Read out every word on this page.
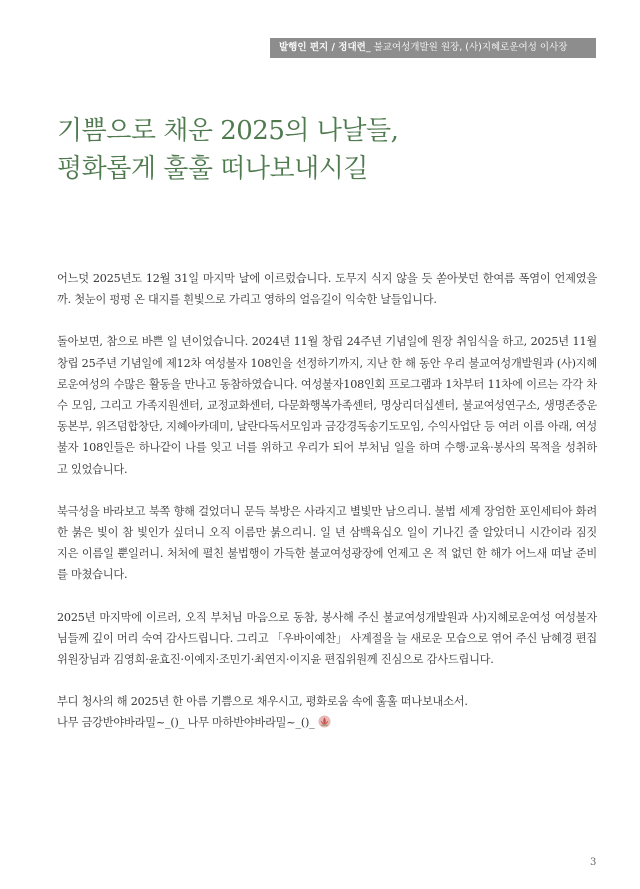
발행인 편지 / 정대련_ 불교여성개발원 원장, (사)지혜로운여성 이사장
기쁨으로 채운 2025의 나날들,
평화롭게 훌훌 떠나보내시길

어느덧 2025년도 12월 31일 마지막 날에 이르렀습니다. 도무지 식지 않을 듯 쏟아붓던 한여름 폭염이 언제였을까. 첫눈이 펑펑 온 대지를 흰빛으로 가리고 영하의 얼음길이 익숙한 날들입니다.

돌아보면, 참으로 바쁜 일 년이었습니다. 2024년 11월 창립 24주년 기념일에 원장 취임식을 하고, 2025년 11월 창립 25주년 기념일에 제12차 여성불자 108인을 선정하기까지, 지난 한 해 동안 우리 불교여성개발원과 (사)지혜로운여성의 수많은 활동을 만나고 동참하였습니다. 여성불자108인회 프로그램과 1차부터 11차에 이르는 각각 차수 모임, 그리고 가족지원센터, 교정교화센터, 다문화행복가족센터, 명상리더십센터, 불교여성연구소, 생명존중운동본부, 위즈덤합창단, 지혜아카데미, 날란다독서모임과 금강경독송기도모임, 수익사업단 등 여러 이름 아래, 여성불자 108인들은 하나같이 나를 잊고 너를 위하고 우리가 되어 부처님 일을 하며 수행·교육·봉사의 목적을 성취하고 있었습니다.

북극성을 바라보고 북쪽 향해 걸었더니 문득 북방은 사라지고 별빛만 남으리니. 불법 세계 장엄한 포인세티아 화려한 붉은 빛이 참 빛인가 싶더니 오직 이름만 붉으리니. 일 년 삼백육십오 일이 기나긴 줄 알았더니 시간이라 짐짓 지은 이름일 뿐일러니. 처처에 펼친 불법행이 가득한 불교여성광장에 언제고 온 적 없던 한 해가 어느새 떠날 준비를 마쳤습니다.

2025년 마지막에 이르러, 오직 부처님 마음으로 동참, 봉사해 주신 불교여성개발원과 사)지혜로운여성 여성불자님들께 깊이 머리 숙여 감사드립니다. 그리고 「우바이예찬」 사계절을 늘 새로운 모습으로 엮어 주신 남혜경 편집위원장님과 김영희·윤효진·이예지·조민기·최연지·이지윤 편집위원께 진심으로 감사드립니다.

부디 청사의 해 2025년 한 아름 기쁨으로 채우시고, 평화로움 속에 훌훌 떠나보내소서.
나무 금강반야바라밀~_()_ 나무 마하반야바라밀~_()_

3
